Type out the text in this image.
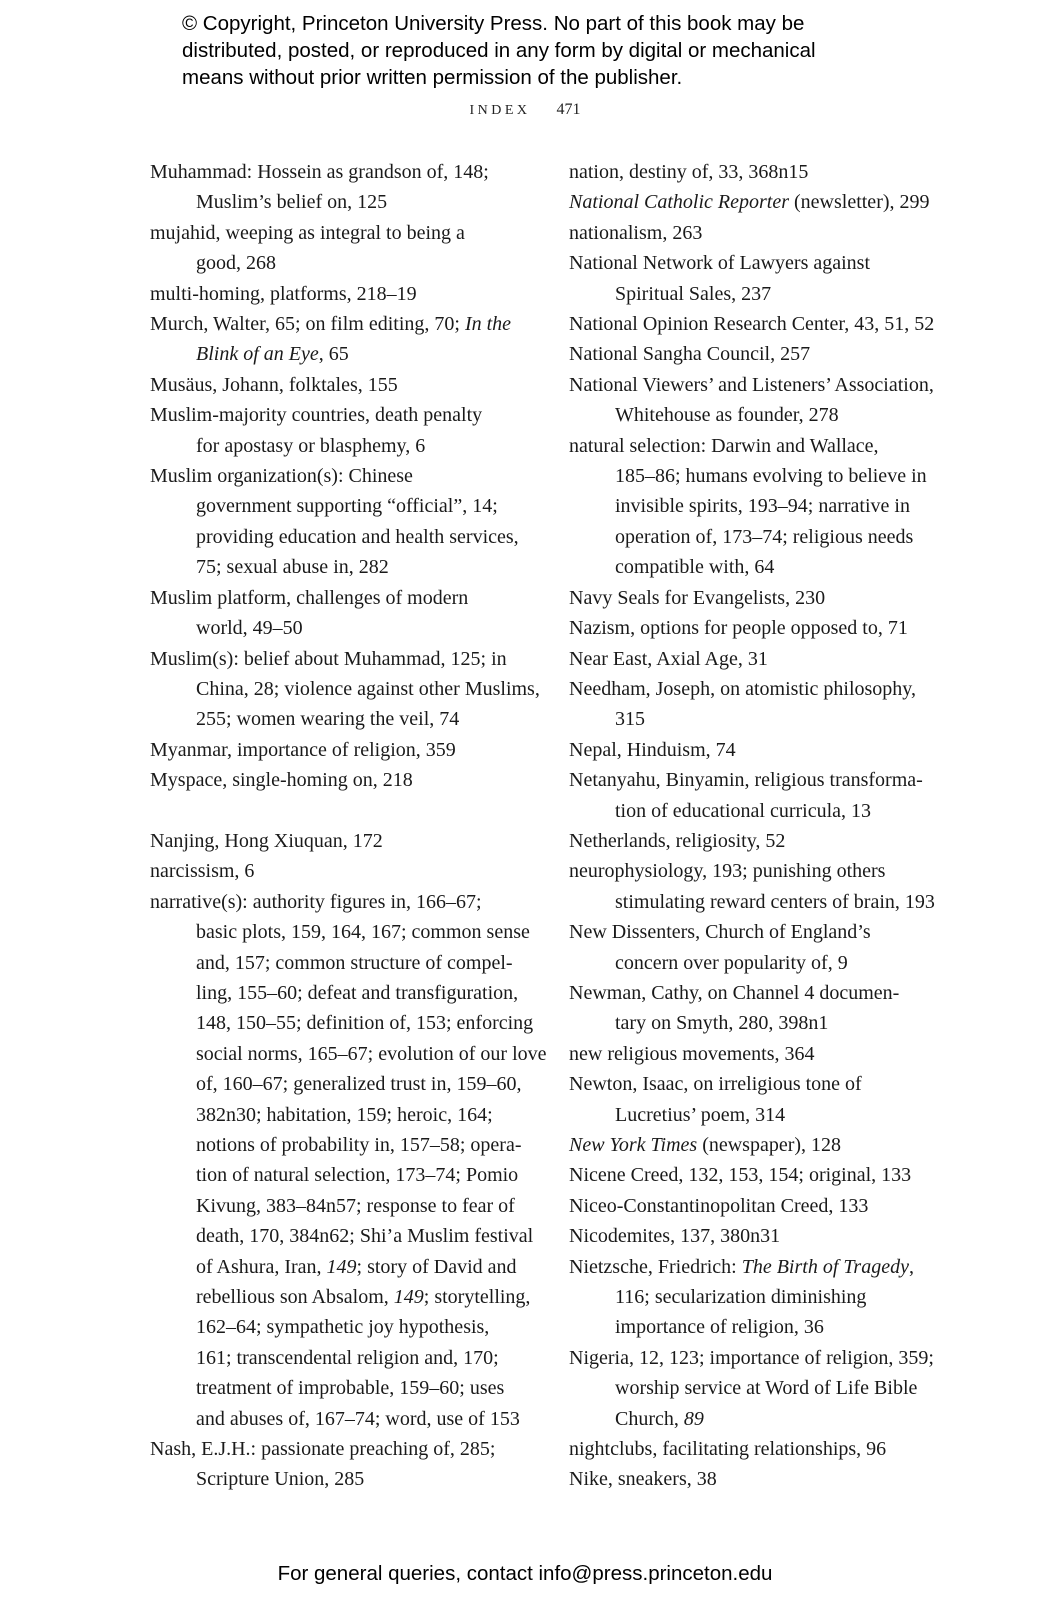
© Copyright, Princeton University Press. No part of this book may be
distributed, posted, or reproduced in any form by digital or mechanical
means without prior written permission of the publisher.
INDEX 471
Muhammad: Hossein as grandson of, 148;
Muslim’s belief on, 125
mujahid, weeping as integral to being a
good, 268
multi-homing, platforms, 218–19
Murch, Walter, 65; on film editing, 70; In the
Blink of an Eye, 65
Musäus, Johann, folktales, 155
Muslim-majority countries, death penalty
for apostasy or blasphemy, 6
Muslim organization(s): Chinese
government supporting “official”, 14;
providing education and health services,
75; sexual abuse in, 282
Muslim platform, challenges of modern
world, 49–50
Muslim(s): belief about Muhammad, 125; in
China, 28; violence against other Muslims,
255; women wearing the veil, 74
Myanmar, importance of religion, 359
Myspace, single-homing on, 218
Nanjing, Hong Xiuquan, 172
narcissism, 6
narrative(s): authority figures in, 166–67;
basic plots, 159, 164, 167; common sense
and, 157; common structure of compel-
ling, 155–60; defeat and transfiguration,
148, 150–55; definition of, 153; enforcing
social norms, 165–67; evolution of our love
of, 160–67; generalized trust in, 159–60,
382n30; habitation, 159; heroic, 164;
notions of probability in, 157–58; opera-
tion of natural selection, 173–74; Pomio
Kivung, 383–84n57; response to fear of
death, 170, 384n62; Shi’a Muslim festival
of Ashura, Iran, 149; story of David and
rebellious son Absalom, 149; storytelling,
162–64; sympathetic joy hypothesis,
161; transcendental religion and, 170;
treatment of improbable, 159–60; uses
and abuses of, 167–74; word, use of 153
Nash, E.J.H.: passionate preaching of, 285;
Scripture Union, 285
nation, destiny of, 33, 368n15
National Catholic Reporter (newsletter), 299
nationalism, 263
National Network of Lawyers against
Spiritual Sales, 237
National Opinion Research Center, 43, 51, 52
National Sangha Council, 257
National Viewers’ and Listeners’ Association,
Whitehouse as founder, 278
natural selection: Darwin and Wallace,
185–86; humans evolving to believe in
invisible spirits, 193–94; narrative in
operation of, 173–74; religious needs
compatible with, 64
Navy Seals for Evangelists, 230
Nazism, options for people opposed to, 71
Near East, Axial Age, 31
Needham, Joseph, on atomistic philosophy,
315
Nepal, Hinduism, 74
Netanyahu, Binyamin, religious transforma-
tion of educational curricula, 13
Netherlands, religiosity, 52
neurophysiology, 193; punishing others
stimulating reward centers of brain, 193
New Dissenters, Church of England’s
concern over popularity of, 9
Newman, Cathy, on Channel 4 documen-
tary on Smyth, 280, 398n1
new religious movements, 364
Newton, Isaac, on irreligious tone of
Lucretius’ poem, 314
New York Times (newspaper), 128
Nicene Creed, 132, 153, 154; original, 133
Niceo-Constantinopolitan Creed, 133
Nicodemites, 137, 380n31
Nietzsche, Friedrich: The Birth of Tragedy,
116; secularization diminishing
importance of religion, 36
Nigeria, 12, 123; importance of religion, 359;
worship service at Word of Life Bible
Church, 89
nightclubs, facilitating relationships, 96
Nike, sneakers, 38
For general queries, contact info@press.princeton.edu
